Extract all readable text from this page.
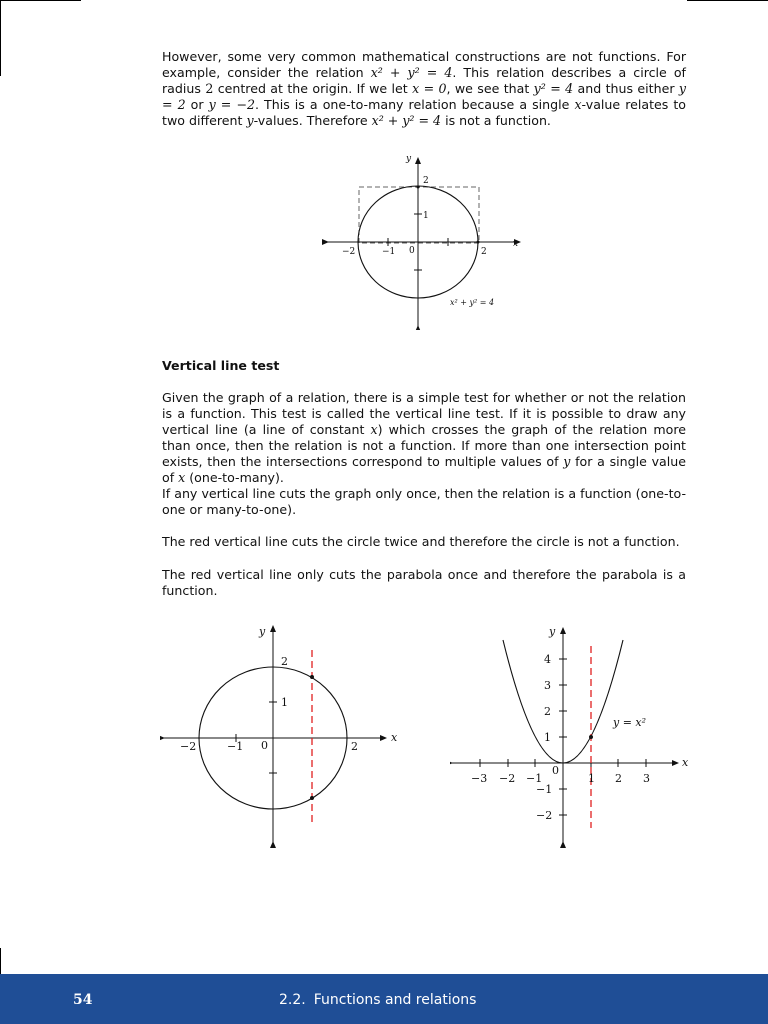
However, some very common mathematical constructions are not functions. For example, consider the relation x² + y² = 4. This relation describes a circle of radius 2 centred at the origin. If we let x = 0, we see that y² = 4 and thus either y = 2 or y = −2. This is a one-to-many relation because a single x-value relates to two different y-values. Therefore x² + y² = 4 is not a function.

−2	−1 0	2
1
2
x
y
x² + y² = 4
Vertical line test

Given the graph of a relation, there is a simple test for whether or not the relation is a function. This test is called the vertical line test. If it is possible to draw any vertical line (a line of constant x) which crosses the graph of the relation more than once, then the relation is not a function. If more than one intersection point exists, then the intersections correspond to multiple values of y for a single value of x (one-to-many).

If any vertical line cuts the graph only once, then the relation is a function (one-to-one or many-to-one).

The red vertical line cuts the circle twice and therefore the circle is not a function.

The red vertical line only cuts the parabola once and therefore the parabola is a function.

−2	−1 0	2
1
2
x
y
−3 −2 −1	1 2 3
4
3
2
1
−1
−2
0
y = x²
x
y
54	2.2. Functions and relations
